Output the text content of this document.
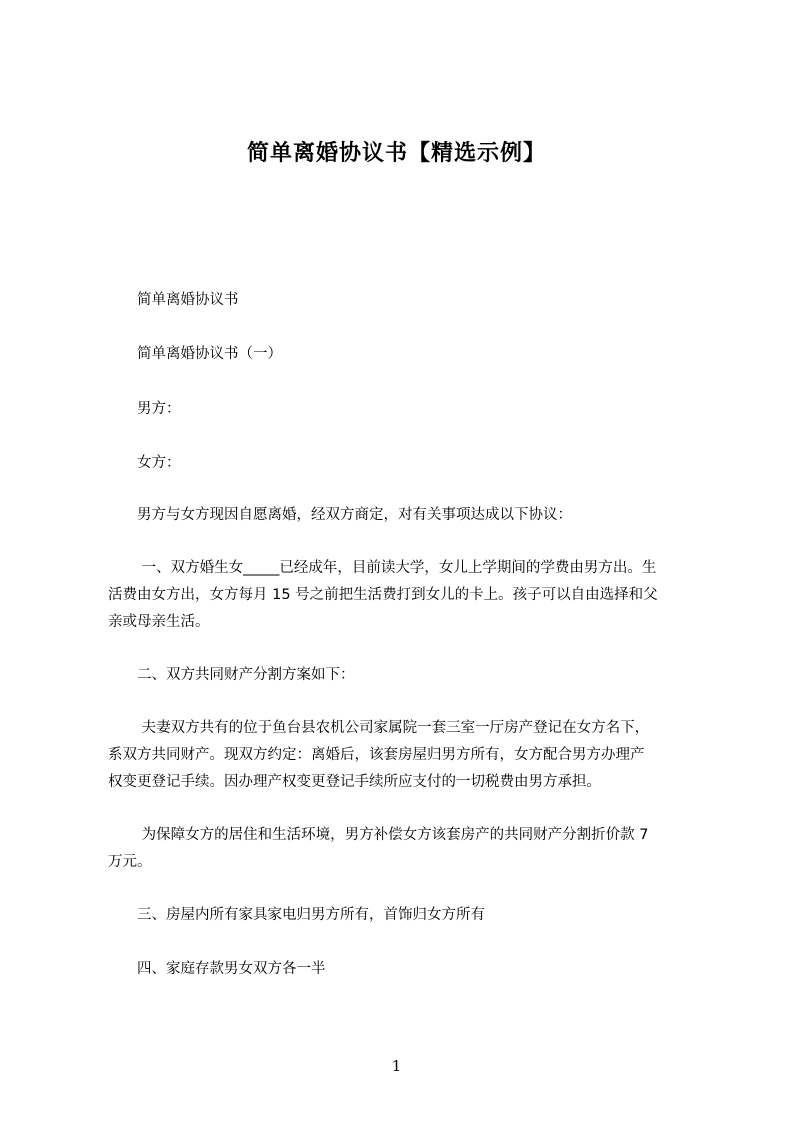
简单离婚协议书【精选示例】
简单离婚协议书
简单离婚协议书（一）
男方：
女方：
男方与女方现因自愿离婚，经双方商定，对有关事项达成以下协议：
一、双方婚生女_____已经成年，目前读大学，女儿上学期间的学费由男方出。生
活费由女方出，女方每月 15 号之前把生活费打到女儿的卡上。孩子可以自由选择和父
亲或母亲生活。
二、双方共同财产分割方案如下：
夫妻双方共有的位于鱼台县农机公司家属院一套三室一厅房产登记在女方名下，
系双方共同财产。现双方约定：离婚后，该套房屋归男方所有，女方配合男方办理产
权变更登记手续。因办理产权变更登记手续所应支付的一切税费由男方承担。
为保障女方的居住和生活环境，男方补偿女方该套房产的共同财产分割折价款 7
万元。
三、房屋内所有家具家电归男方所有，首饰归女方所有
四、家庭存款男女双方各一半
1
